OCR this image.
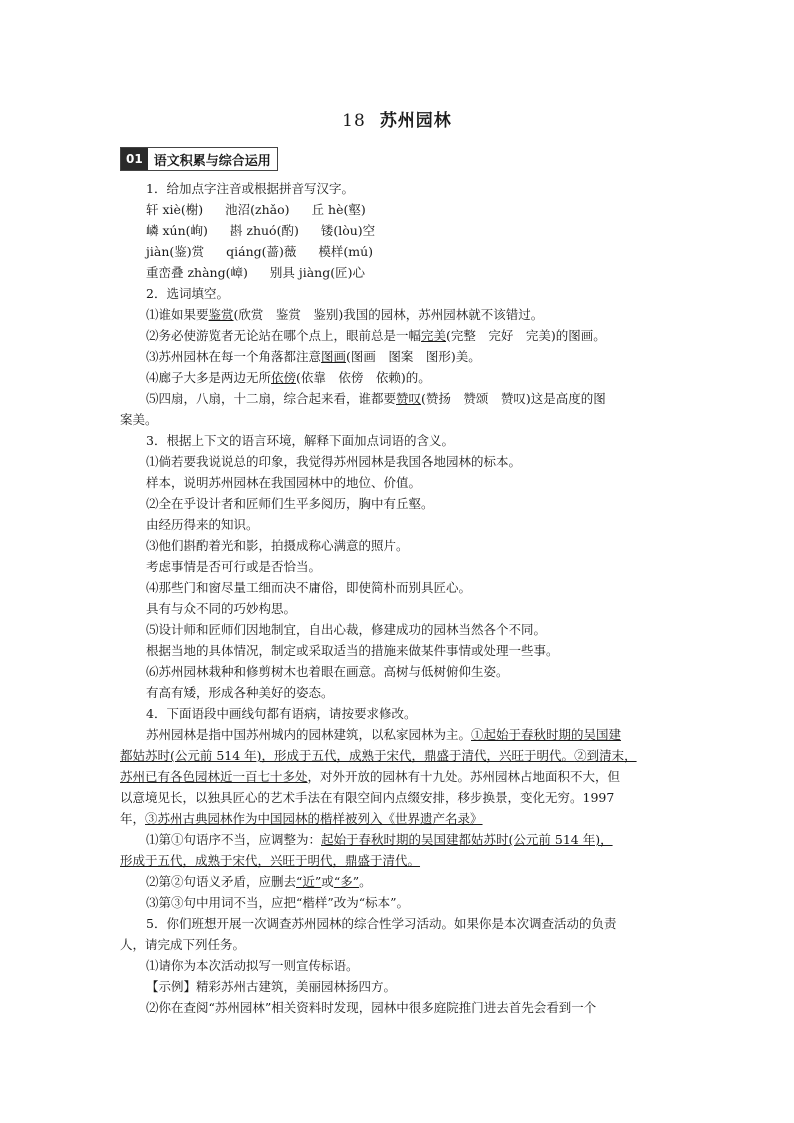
18 苏州园林
01 语文积累与综合运用
1．给加点字注音或根据拼音写汉字。
轩 xiè(榭) 池沼(zhǎo) 丘 hè(壑)
嶙 xún(峋) 斟 zhuó(酌) 镂(lòu)空
jiàn(鉴)赏 qiáng(蔷)薇 模样(mú)
重峦叠 zhàng(嶂) 别具 jiàng(匠)心
2．选词填空。
⑴谁如果要鉴赏(欣赏　鉴赏　鉴别)我国的园林，苏州园林就不该错过。
⑵务必使游览者无论站在哪个点上，眼前总是一幅完美(完整　完好　完美)的图画。
⑶苏州园林在每一个角落都注意图画(图画　图案　图形)美。
⑷廊子大多是两边无所依傍(依靠　依傍　依赖)的。
⑸四扇，八扇，十二扇，综合起来看，谁都要赞叹(赞扬　赞颂　赞叹)这是高度的图
案美。
3．根据上下文的语言环境，解释下面加点词语的含义。
⑴倘若要我说说总的印象，我觉得苏州园林是我国各地园林的标本。
样本，说明苏州园林在我国园林中的地位、价值。
⑵全在乎设计者和匠师们生平多阅历，胸中有丘壑。
由经历得来的知识。
⑶他们斟酌着光和影，拍摄成称心满意的照片。
考虑事情是否可行或是否恰当。
⑷那些门和窗尽量工细而决不庸俗，即使简朴而别具匠心。
具有与众不同的巧妙构思。
⑸设计师和匠师们因地制宜，自出心裁，修建成功的园林当然各个不同。
根据当地的具体情况，制定或采取适当的措施来做某件事情或处理一些事。
⑹苏州园林栽种和修剪树木也着眼在画意。高树与低树俯仰生姿。
有高有矮，形成各种美好的姿态。
4．下面语段中画线句都有语病，请按要求修改。
苏州园林是指中国苏州城内的园林建筑，以私家园林为主。①起始于春秋时期的吴国建
都姑苏时(公元前 514 年)，形成于五代，成熟于宋代，鼎盛于清代，兴旺于明代。②到清末，
苏州已有各色园林近一百七十多处，对外开放的园林有十九处。苏州园林占地面积不大，但
以意境见长，以独具匠心的艺术手法在有限空间内点缀安排，移步换景，变化无穷。1997
年，③苏州古典园林作为中国园林的楷样被列入《世界遗产名录》
⑴第①句语序不当，应调整为：起始于春秋时期的吴国建都姑苏时(公元前 514 年)，
形成于五代，成熟于宋代，兴旺于明代，鼎盛于清代。
⑵第②句语义矛盾，应删去“近”或“多”。
⑶第③句中用词不当，应把“楷样”改为“标本”。
5．你们班想开展一次调查苏州园林的综合性学习活动。如果你是本次调查活动的负责
人，请完成下列任务。
⑴请你为本次活动拟写一则宣传标语。
【示例】精彩苏州古建筑，美丽园林扬四方。
⑵你在查阅“苏州园林”相关资料时发现，园林中很多庭院推门进去首先会看到一个
